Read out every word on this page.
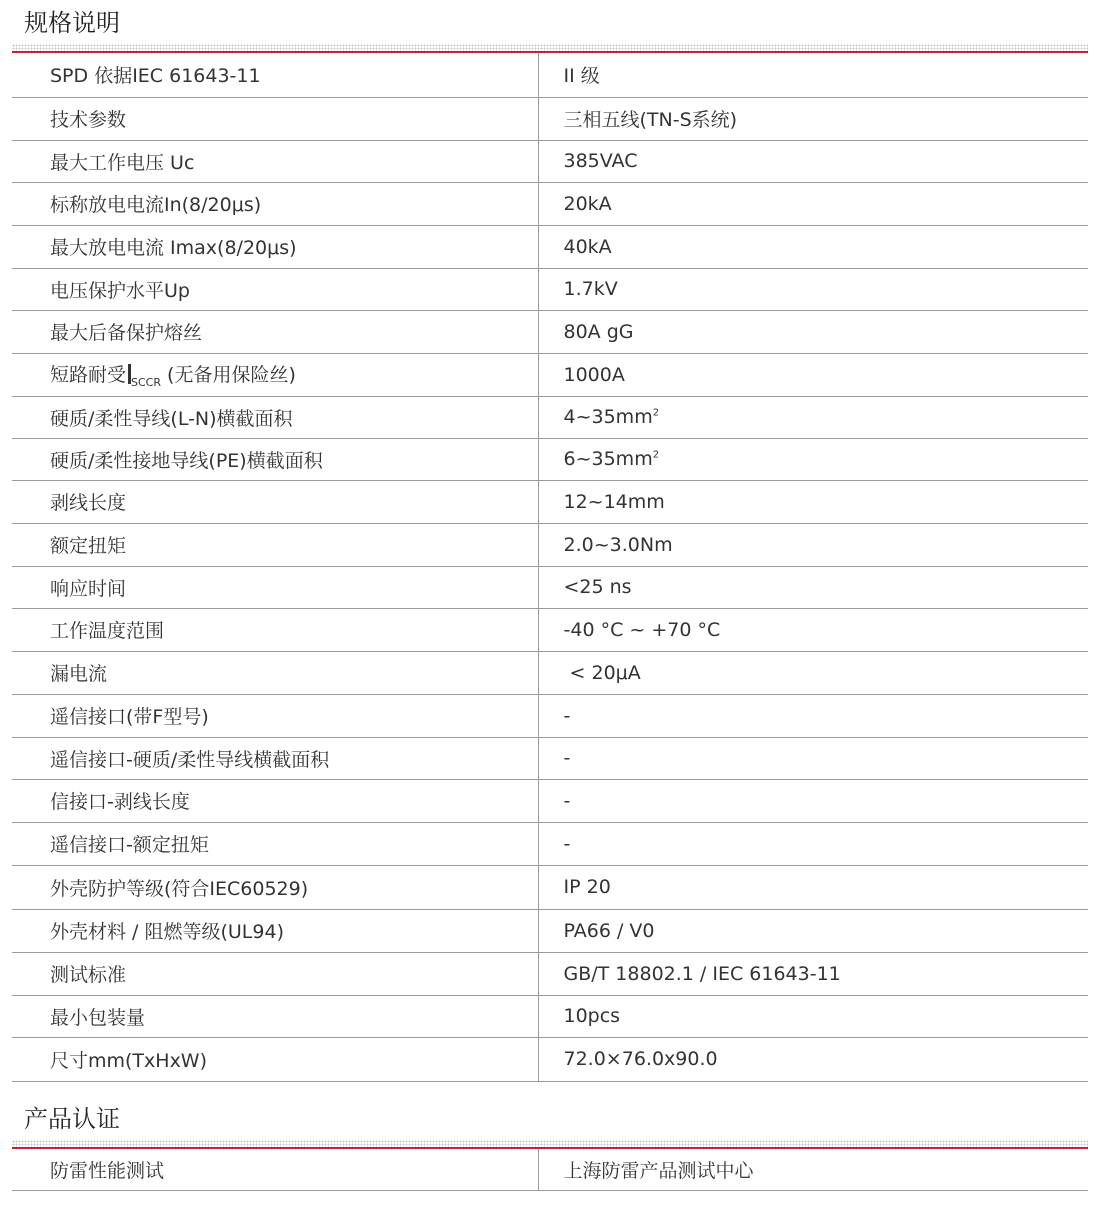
规格说明
SPD 依据IEC 61643-11	II 级
技术参数	三相五线(TN-S系统)
最大工作电压 Uc	385VAC
标称放电电流In(8/20μs)	20kA
最大放电电流 Imax(8/20μs)	40kA
电压保护水平Up	1.7kV
最大后备保护熔丝	80A gG
短路耐受 $_{SCCR}$ (无备用保险丝)	1000A
硬质/柔性导线(L-N)横截面积	$4\sim 35mm^2$
硬质/柔性接地导线(PE)横截面积	$6\sim 35mm^2$
剥线长度	12~14mm
额定扭矩	2.0~3.0Nm
响应时间	<25 ns
工作温度范围	-40 °C ~ +70 °C
漏电流	< 20μA
遥信接口(带F型号)	-
遥信接口-硬质/柔性导线横截面积	-
信接口-剥线长度	-
遥信接口-额定扭矩	-
外壳防护等级(符合IEC60529)	IP 20
外壳材料 / 阻燃等级(UL94)	PA66 / V0
测试标准	GB/T 18802.1 / IEC 61643-11
最小包装量	10pcs
尺寸mm(TxHxW)	72.0×76.0x90.0
产品认证
防雷性能测试	上海防雷产品测试中心
